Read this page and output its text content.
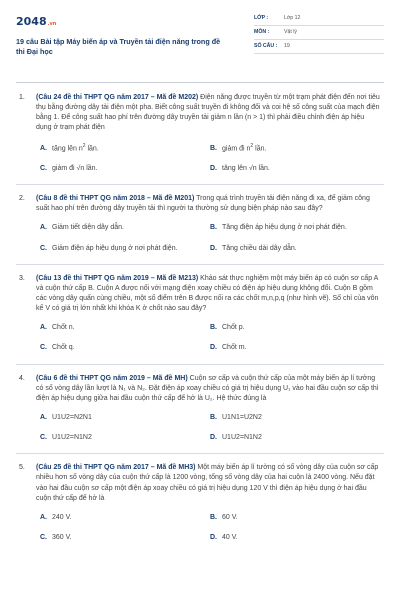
2048.vn
19 câu Bài tập Máy biến áp và Truyền tải điện năng trong đề thi Đại học
LỚP :	Lớp 12
MÔN :	Vật lý
SỐ CÂU :	19
1. (Câu 24 đề thi THPT QG năm 2017 – Mã đề M202) Điện năng được truyền từ một trạm phát điện đến nơi tiêu thụ bằng đường dây tải điện một pha. Biết công suất truyền đi không đổi và coi hệ số công suất của mạch điện bằng 1. Để công suất hao phí trên đường dây truyền tải giảm n lần (n > 1) thì phải điều chỉnh điện áp hiệu dụng ở trạm phát điện
A. tăng lên $n^2$ lần.	B. giảm đi $n^2$ lần.
C. giảm đi √n lần.	D. tăng lên √n lần.
2. (Câu 8 đề thi THPT QG năm 2018 – Mã đề M201) Trong quá trình truyền tải điện năng đi xa, để giảm công suất hao phí trên đường dây truyền tải thì người ta thường sử dụng biện pháp nào sau đây?
A. Giảm tiết diện dây dẫn.	B. Tăng điện áp hiệu dụng ở nơi phát điện.
C. Giảm điện áp hiệu dụng ở nơi phát điện.	D. Tăng chiều dài dây dẫn.
3. (Câu 13 đề thi THPT QG năm 2019 – Mã đề M213) Khảo sát thực nghiệm một máy biến áp có cuộn sơ cấp A và cuộn thứ cấp B. Cuộn A được nối với mạng điện xoay chiều có điện áp hiệu dụng không đổi. Cuộn B gồm các vòng dây quấn cùng chiều, một số điểm trên B được nối ra các chốt m,n,p,q (như hình vẽ). Số chỉ của vôn kế V có giá trị lớn nhất khi khóa K ở chốt nào sau đây?
A. Chốt n.	B. Chốt p.
C. Chốt q.	D. Chốt m.
4. (Câu 6 đề thi THPT QG năm 2019 – Mã đề MH) Cuộn sơ cấp và cuộn thứ cấp của một máy biến áp lí tưởng có số vòng dây lần lượt là N₁ và N₂. Đặt điện áp xoay chiều có giá trị hiệu dụng U₁ vào hai đầu cuộn sơ cấp thì điện áp hiệu dụng giữa hai đầu cuộn thứ cấp để hở là U₂. Hệ thức đúng là
A. U1U2=N2N1	B. U1N1=U2N2
C. U1U2=N1N2	D. U1U2=N1N2
5. (Câu 25 đề thi THPT QG năm 2017 – Mã đề MH3) Một máy biến áp lí tưởng có số vòng dây của cuộn sơ cấp nhiều hơn số vòng dây của cuộn thứ cấp là 1200 vòng, tổng số vòng dây của hai cuộn là 2400 vòng. Nếu đặt vào hai đầu cuộn sơ cấp một điện áp xoay chiều có giá trị hiệu dụng 120 V thì điện áp hiệu dụng ở hai đầu cuộn thứ cấp để hở là
A. 240 V.	B. 60 V.
C. 360 V.	D. 40 V.
